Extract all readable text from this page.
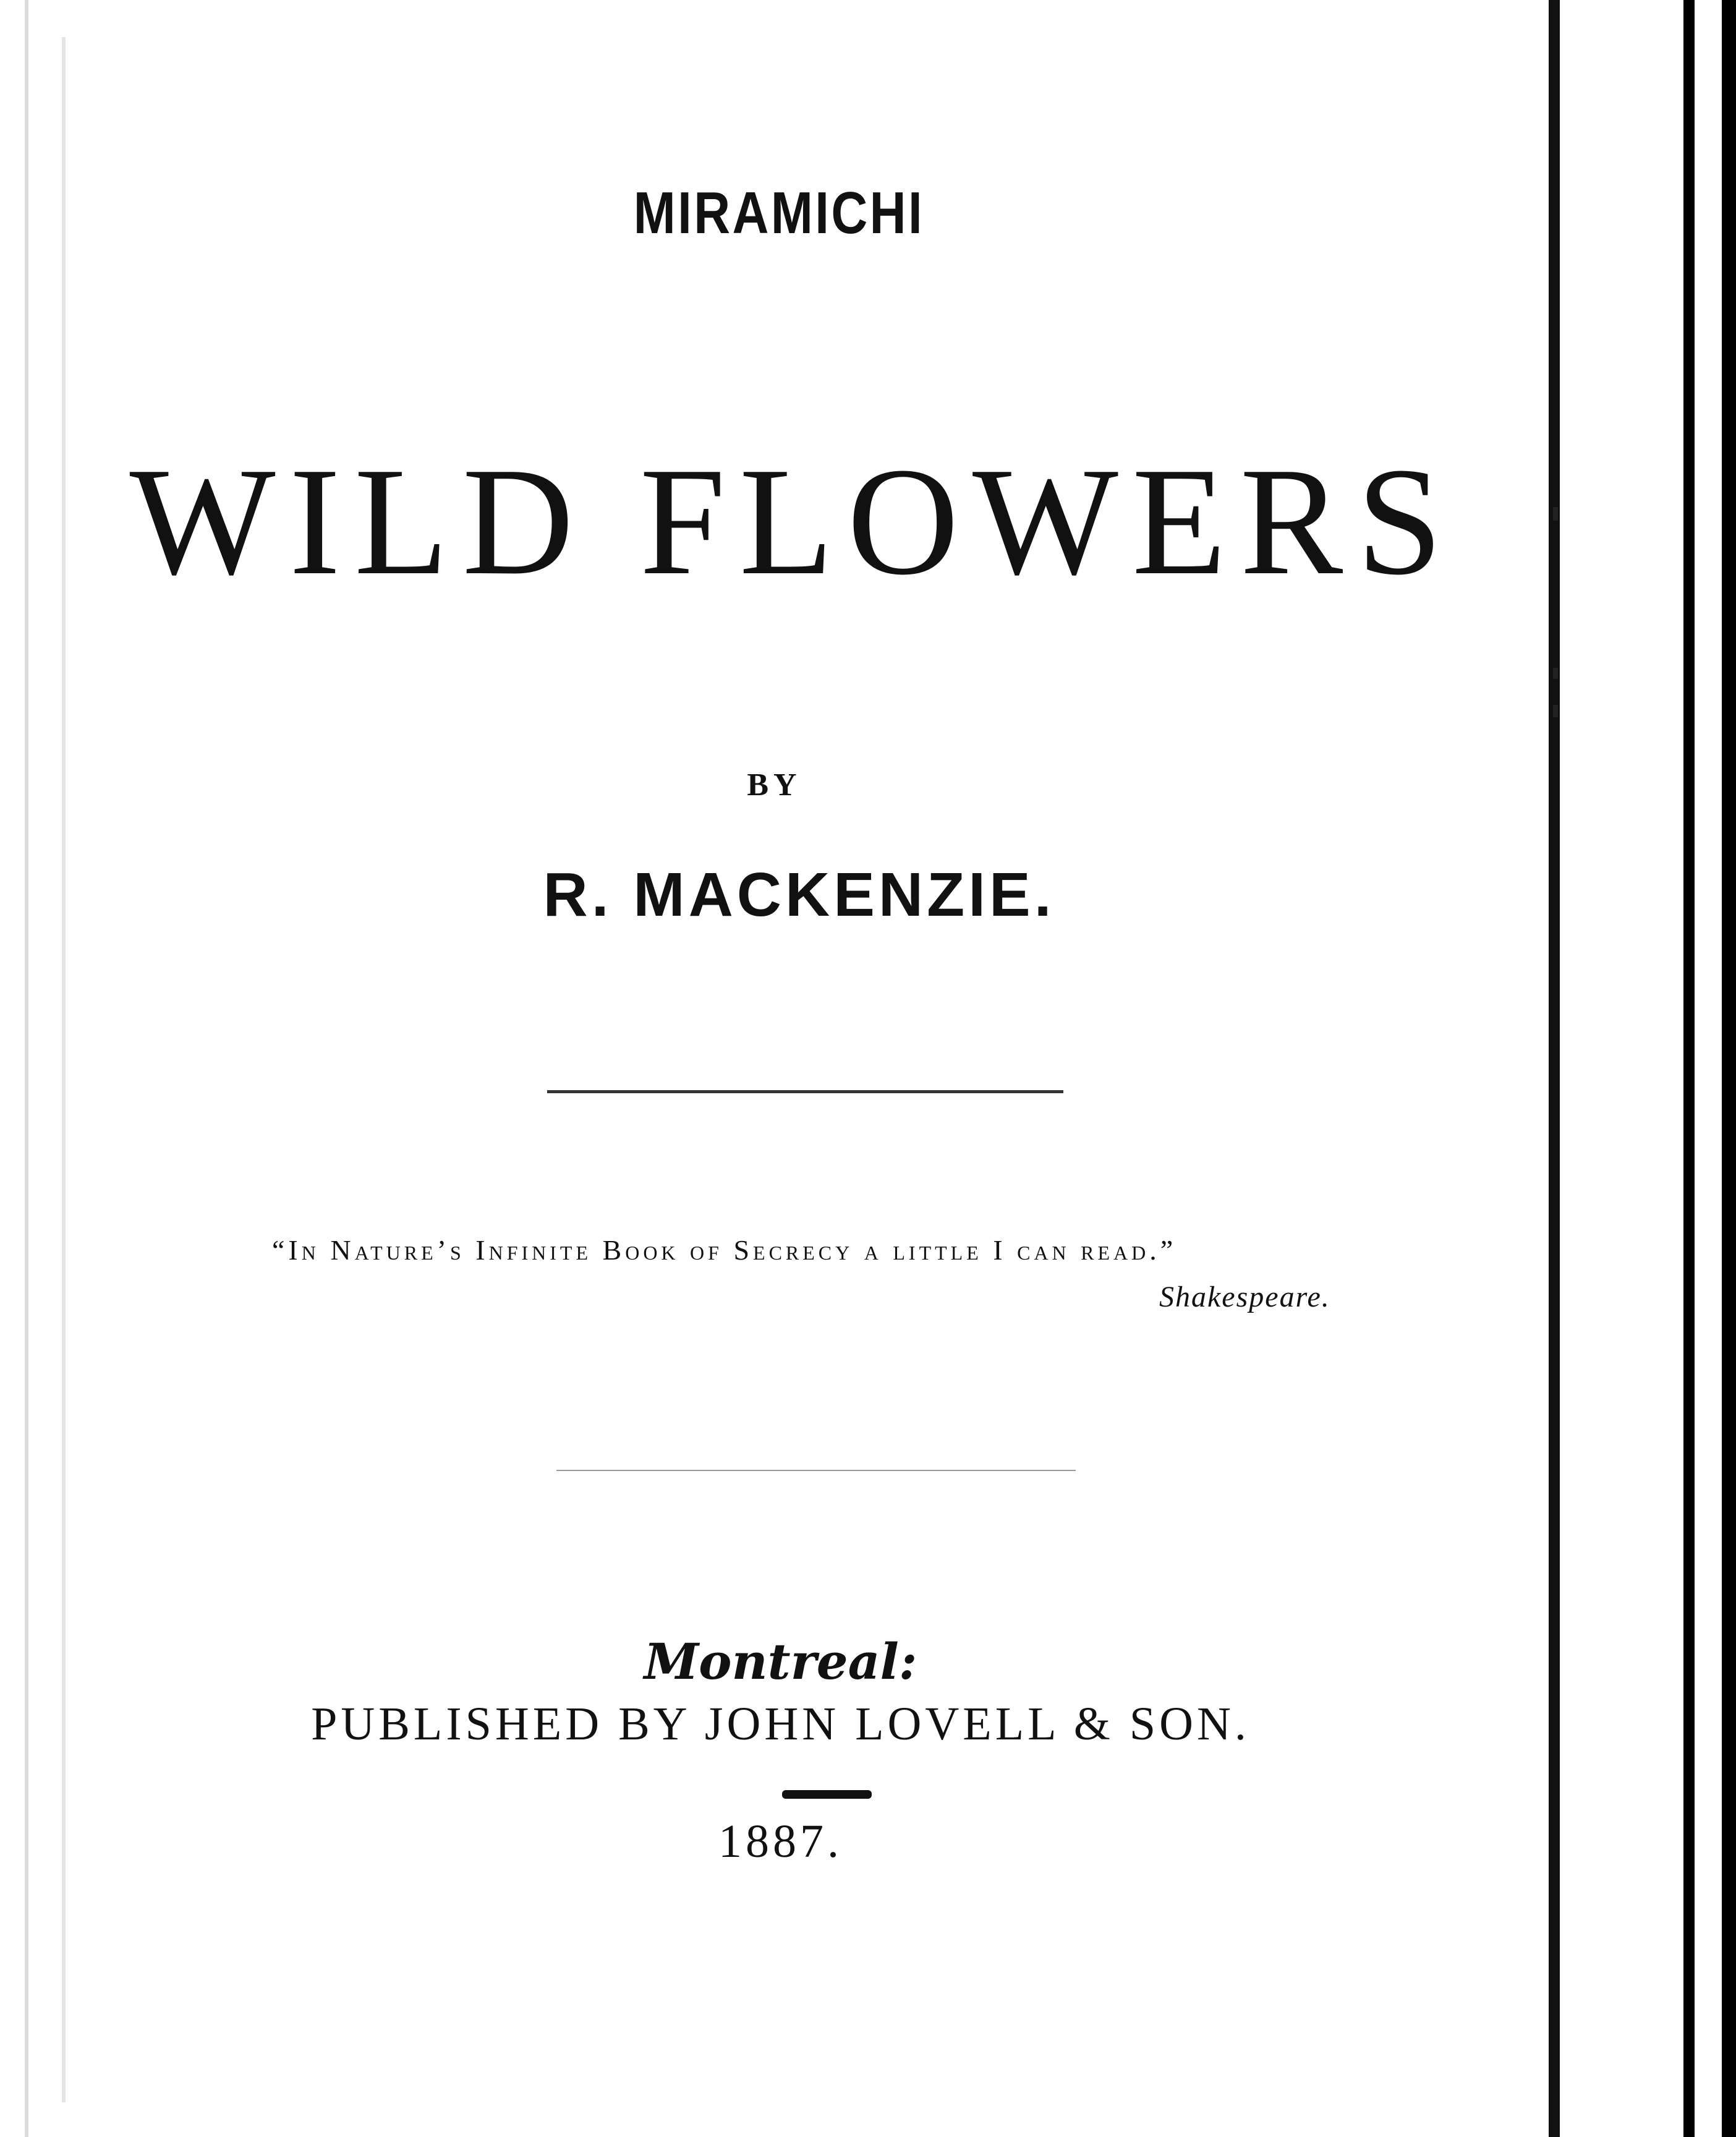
MIRAMICHI
WILD FLOWERS
BY
R. MACKENZIE.
“In Nature’s Infinite Book of Secrecy a little I can read.”
Shakespeare.
Montreal:
PUBLISHED BY JOHN LOVELL & SON.
1887.
